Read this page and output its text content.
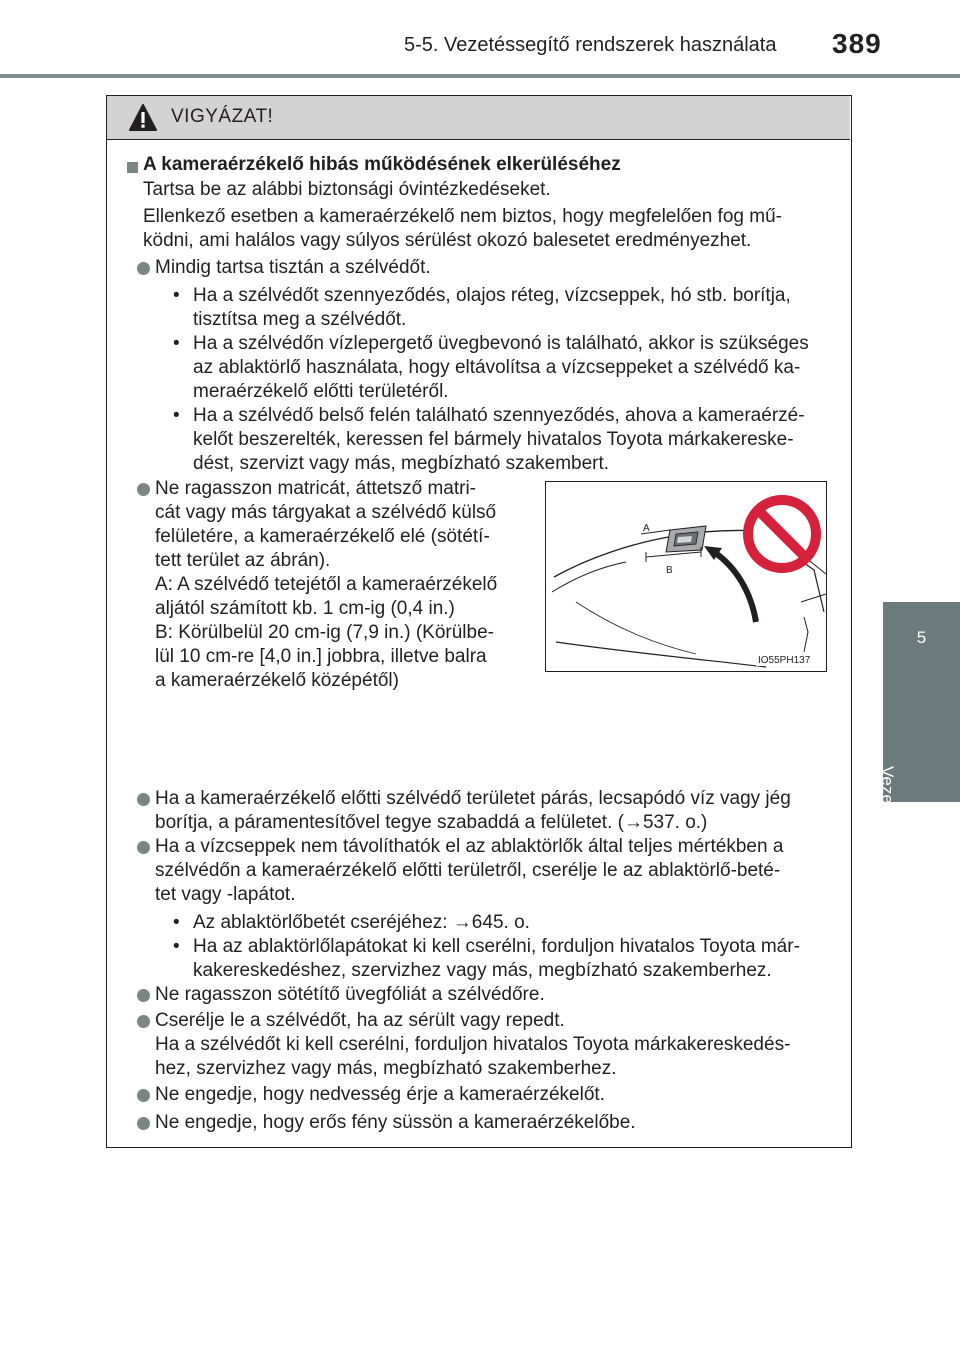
5-5. Vezetéssegítő rendszerek használata 389
5
Vezetés
VIGYÁZAT!
A kameraérzékelő hibás működésének elkerüléséhez
Tartsa be az alábbi biztonsági óvintézkedéseket.
Ellenkező esetben a kameraérzékelő nem biztos, hogy megfelelően fog mű-
ködni, ami halálos vagy súlyos sérülést okozó balesetet eredményezhet.
Mindig tartsa tisztán a szélvédőt.
• Ha a szélvédőt szennyeződés, olajos réteg, vízcseppek, hó stb. borítja,
tisztítsa meg a szélvédőt.
• Ha a szélvédőn vízlepergető üvegbevonó is található, akkor is szükséges
az ablaktörlő használata, hogy eltávolítsa a vízcseppeket a szélvédő ka-
meraérzékelő előtti területéről.
• Ha a szélvédő belső felén található szennyeződés, ahova a kameraérzé-
kelőt beszerelték, keressen fel bármely hivatalos Toyota márkakereske-
dést, szervizt vagy más, megbízható szakembert.
Ne ragasszon matricát, áttetsző matri-
cát vagy más tárgyakat a szélvédő külső
felületére, a kameraérzékelő elé (sötétí-
tett terület az ábrán).
A: A szélvédő tetejétől a kameraérzékelő
aljától számított kb. 1 cm-ig (0,4 in.)
B: Körülbelül 20 cm-ig (7,9 in.) (Körülbe-
lül 10 cm-re [4,0 in.] jobbra, illetve balra
a kameraérzékelő középétől)
A
B
IO55PH137
Ha a kameraérzékelő előtti szélvédő területet párás, lecsapódó víz vagy jég
borítja, a páramentesítővel tegye szabaddá a felületet. (→537. o.)
Ha a vízcseppek nem távolíthatók el az ablaktörlők által teljes mértékben a
szélvédőn a kameraérzékelő előtti területről, cserélje le az ablaktörlő-beté-
tet vagy -lapátot.
• Az ablaktörlőbetét cseréjéhez: →645. o.
• Ha az ablaktörlőlapátokat ki kell cserélni, forduljon hivatalos Toyota már-
kakereskedéshez, szervizhez vagy más, megbízható szakemberhez.
Ne ragasszon sötétítő üvegfóliát a szélvédőre.
Cserélje le a szélvédőt, ha az sérült vagy repedt.
Ha a szélvédőt ki kell cserélni, forduljon hivatalos Toyota márkakereskedés-
hez, szervizhez vagy más, megbízható szakemberhez.
Ne engedje, hogy nedvesség érje a kameraérzékelőt.
Ne engedje, hogy erős fény süssön a kameraérzékelőbe.
